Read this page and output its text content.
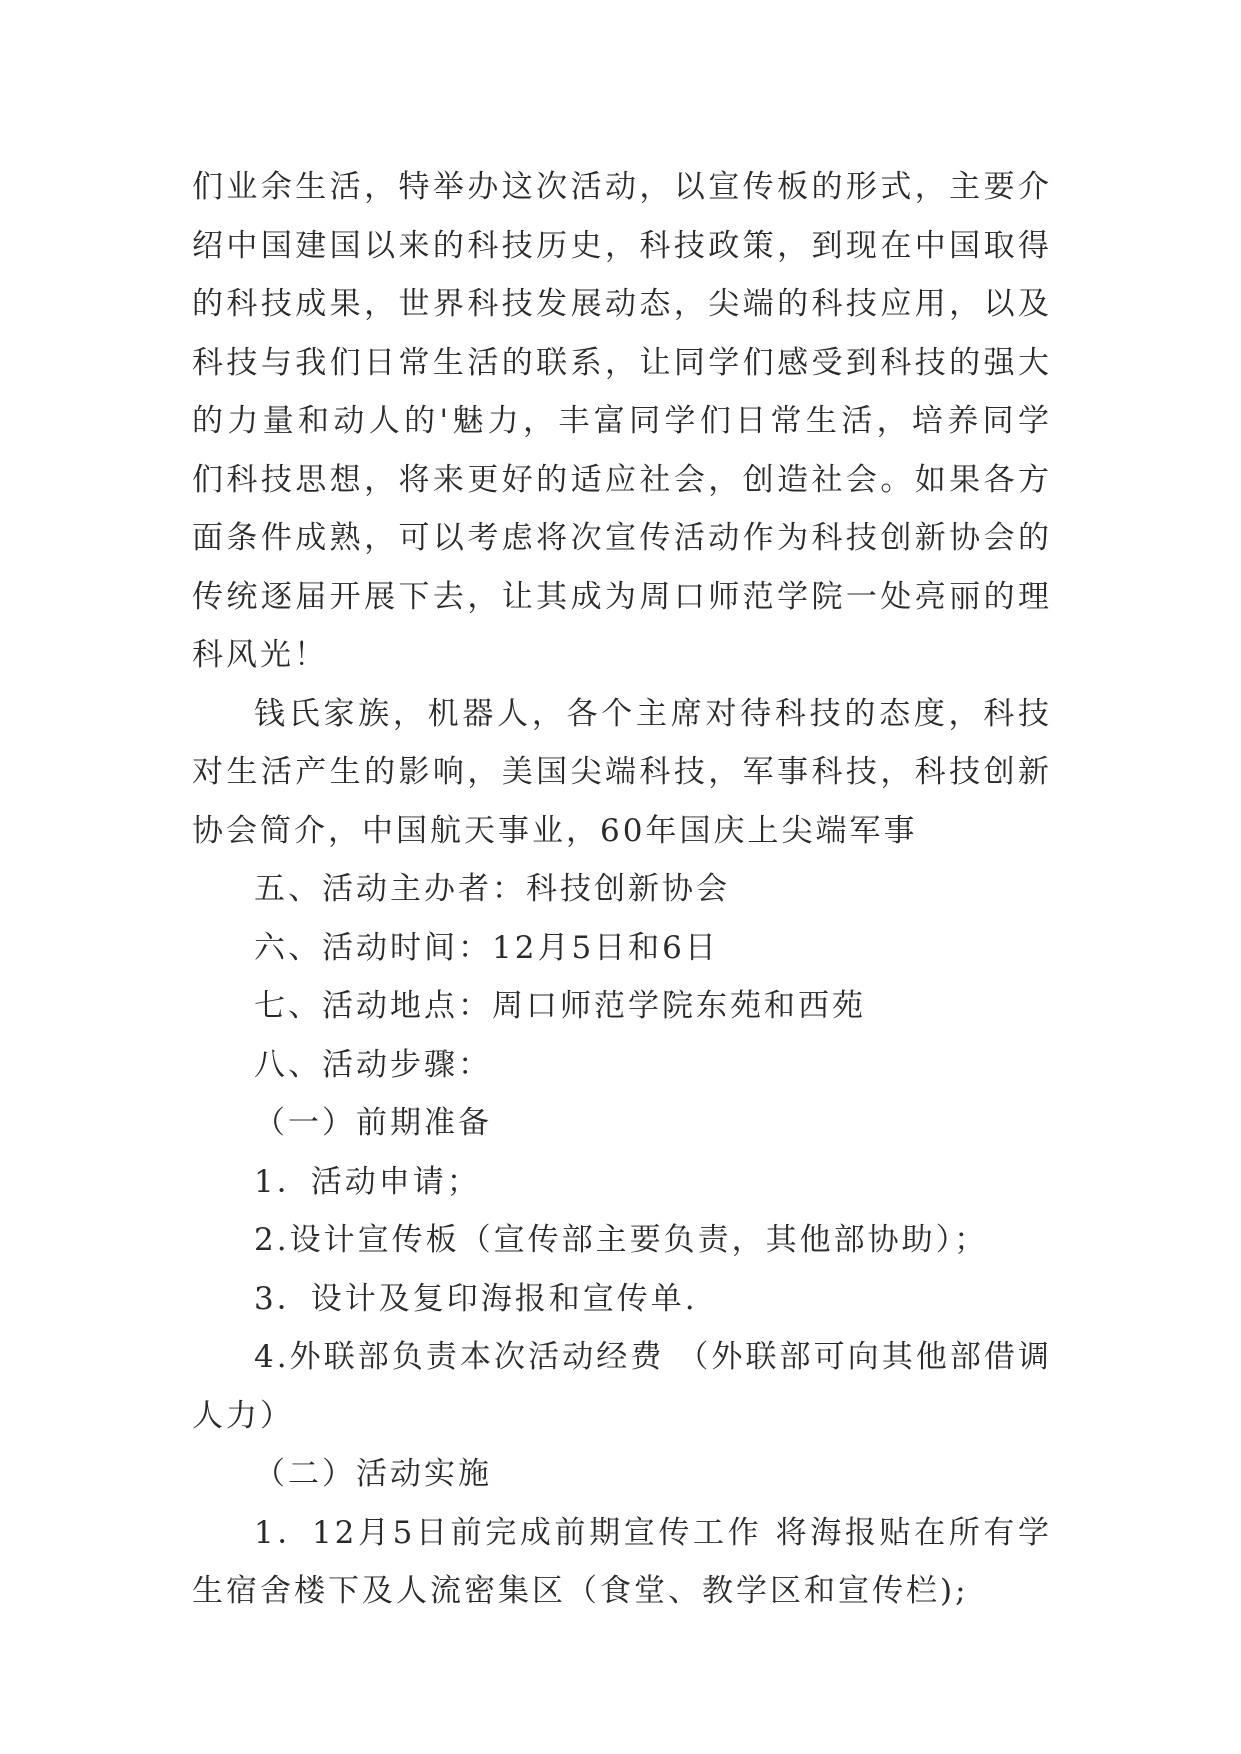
们业余生活，特举办这次活动，以宣传板的形式，主要介绍中国建国以来的科技历史，科技政策，到现在中国取得的科技成果，世界科技发展动态，尖端的科技应用，以及科技与我们日常生活的联系，让同学们感受到科技的强大的力量和动人的'魅力，丰富同学们日常生活，培养同学们科技思想，将来更好的适应社会，创造社会。如果各方面条件成熟，可以考虑将次宣传活动作为科技创新协会的传统逐届开展下去，让其成为周口师范学院一处亮丽的理科风光！

钱氏家族，机器人，各个主席对待科技的态度，科技对生活产生的影响，美国尖端科技，军事科技，科技创新协会简介，中国航天事业，60年国庆上尖端军事

五、活动主办者：科技创新协会

六、活动时间：12月5日和6日

七、活动地点：周口师范学院东苑和西苑

八、活动步骤：

（一）前期准备

1．活动申请；

2.设计宣传板（宣传部主要负责，其他部协助）；

3．设计及复印海报和宣传单.

4.外联部负责本次活动经费 （外联部可向其他部借调人力）

（二）活动实施

1．12月5日前完成前期宣传工作 将海报贴在所有学生宿舍楼下及人流密集区（食堂、教学区和宣传栏);
